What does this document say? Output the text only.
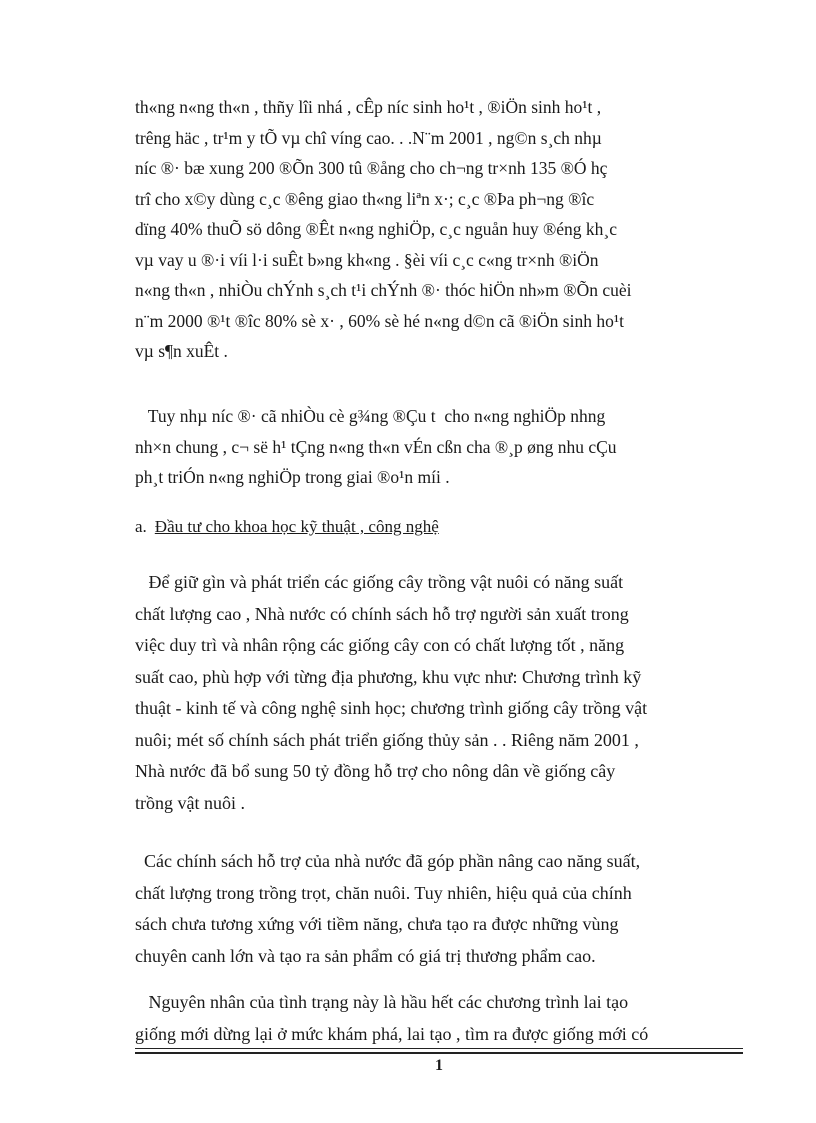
th«ng n«ng th«n , thñy lîi nhá , cÊp níc sinh ho¹t , ®iÖn sinh ho¹t ,
trêng häc , tr¹m y tÕ vµ chî víng cao. . .N¨m 2001 , ng©n s¸ch nhµ
níc ®· bæ xung 200 ®Õn 300 tû ®ång cho ch¬ng tr×nh 135 ®Ó hç
trî cho x©y dùng c¸c ®êng giao th«ng liªn x·; c¸c ®Þa ph¬ng ®îc
dïng 40% thuÕ sö dông ®Êt n«ng nghiÖp, c¸c nguån huy ®éng kh¸c
vµ vay u ®·i víi l·i suÊt b»ng kh«ng . §èi víi c¸c c«ng tr×nh ®iÖn
n«ng th«n , nhiÒu chÝnh s¸ch t¹i chÝnh ®· thóc hiÖn nh»m ®Õn cuèi
n¨m 2000 ®¹t ®îc 80% sè x· , 60% sè hé n«ng d©n cã ®iÖn sinh ho¹t
vµ s¶n xuÊt .
Tuy nhµ níc ®· cã nhiÒu cè g¾ng ®Çu t  cho n«ng nghiÖp nhng
nh×n chung , c¬ së h¹ tÇng n«ng th«n vÉn cßn cha ®¸p øng nhu cÇu
ph¸t triÓn n«ng nghiÖp trong giai ®o¹n míi .

a. Đầu tư cho khoa học kỹ thuật , công nghệ

Để giữ gìn và phát triển các giống cây trồng vật nuôi có năng suất
chất lượng cao , Nhà nước có chính sách hỗ trợ người sản xuất trong
việc duy trì và nhân rộng các giống cây con có chất lượng tốt , năng
suất cao, phù hợp với từng địa phương, khu vực như: Chương trình kỹ
thuật - kinh tế và công nghệ sinh học; chương trình giống cây trồng vật
nuôi; mét số chính sách phát triển giống thủy sản . . Riêng năm 2001 ,
Nhà nước đã bổ sung 50 tỷ đồng hỗ trợ cho nông dân về giống cây
trồng vật nuôi .
Các chính sách hỗ trợ của nhà nước đã góp phần nâng cao năng suất,
chất lượng trong trồng trọt, chăn nuôi. Tuy nhiên, hiệu quả của chính
sách chưa tương xứng với tiềm năng, chưa tạo ra được những vùng
chuyên canh lớn và tạo ra sản phẩm có giá trị thương phẩm cao.
Nguyên nhân của tình trạng này là hầu hết các chương trình lai tạo
giống mới dừng lại ở mức khám phá, lai tạo , tìm ra được giống mới có

1
